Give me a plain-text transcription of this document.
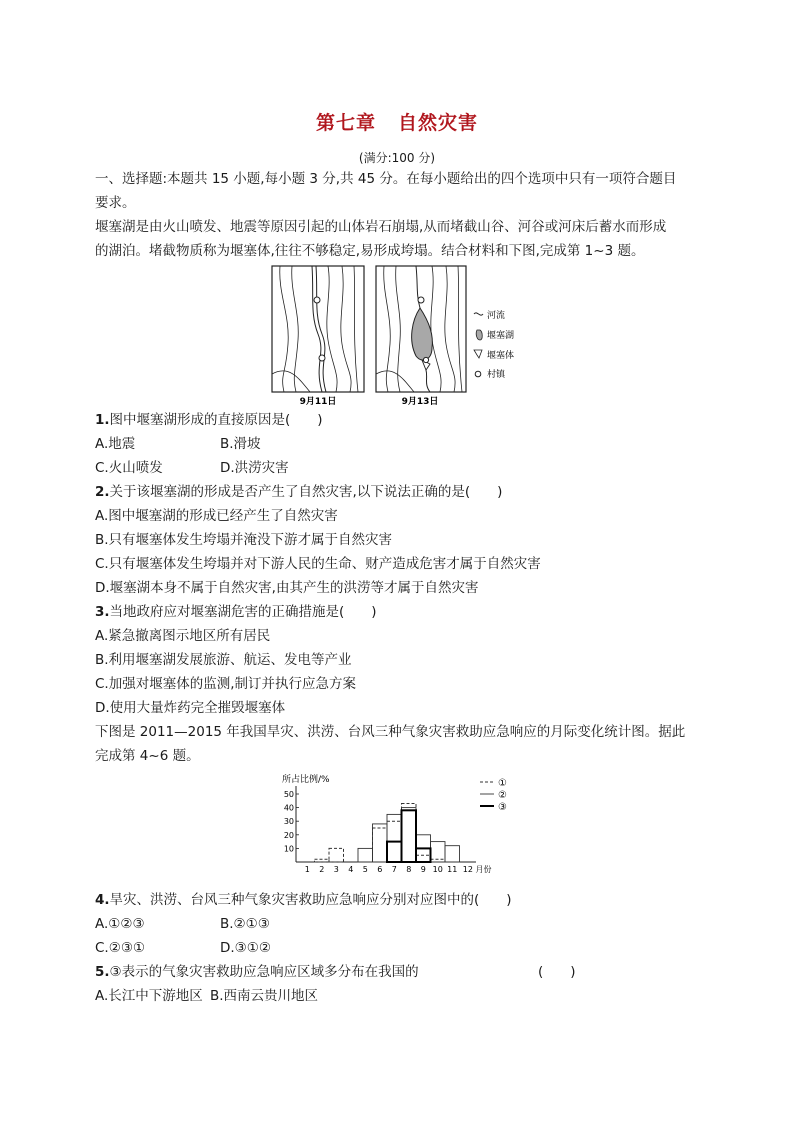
第七章 自然灾害
(满分:100 分)
一、选择题:本题共 15 小题,每小题 3 分,共 45 分。在每小题给出的四个选项中只有一项符合题目
要求。
堰塞湖是由火山喷发、地震等原因引起的山体岩石崩塌,从而堵截山谷、河谷或河床后蓄水而形成
的湖泊。堵截物质称为堰塞体,往往不够稳定,易形成垮塌。结合材料和下图,完成第 1~3 题。
9月11日	9月13日
河流
堰塞湖
堰塞体
村镇
1.图中堰塞湖形成的直接原因是(　　)
A.地震	B.滑坡
C.火山喷发	D.洪涝灾害
2.关于该堰塞湖的形成是否产生了自然灾害,以下说法正确的是(　　)
A.图中堰塞湖的形成已经产生了自然灾害
B.只有堰塞体发生垮塌并淹没下游才属于自然灾害
C.只有堰塞体发生垮塌并对下游人民的生命、财产造成危害才属于自然灾害
D.堰塞湖本身不属于自然灾害,由其产生的洪涝等才属于自然灾害
3.当地政府应对堰塞湖危害的正确措施是(　　)
A.紧急撤离图示地区所有居民
B.利用堰塞湖发展旅游、航运、发电等产业
C.加强对堰塞体的监测,制订并执行应急方案
D.使用大量炸药完全摧毁堰塞体
下图是 2011—2015 年我国旱灾、洪涝、台风三种气象灾害救助应急响应的月际变化统计图。据此
完成第 4~6 题。
所占比例/%
10
20
30
40
50
1 2 3 4 5 6 7 8 9 10 11 12 月份
①
②
③
4.旱灾、洪涝、台风三种气象灾害救助应急响应分别对应图中的(　　)
A.①②③	B.②①③
C.②③①	D.③①②
5.③表示的气象灾害救助应急响应区域多分布在我国的	(　　)
A.长江中下游地区 B.西南云贵川地区
